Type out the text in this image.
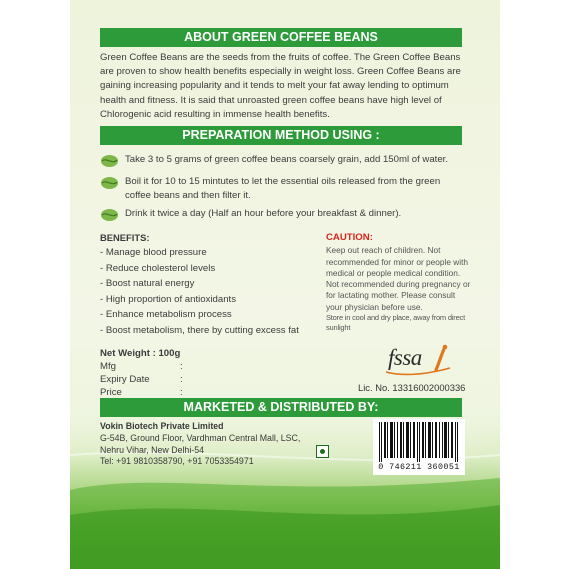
ABOUT GREEN COFFEE BEANS
Green Coffee Beans are the seeds from the fruits of coffee. The Green Coffee Beans are proven to show health benefits especially in weight loss. Green Coffee Beans are gaining increasing popularity and it tends to melt your fat away lending to optimum health and fitness. It is said that unroasted green coffee beans have high level of Chlorogenic acid resulting in immense health benefits.
PREPARATION METHOD USING :
Take 3 to 5 grams of green coffee beans coarsely grain, add 150ml of water.
Boil it for 10 to 15 mintutes to let the essential oils released from the green coffee beans and then filter it.
Drink it twice a day (Half an hour before your breakfast & dinner).
BENEFITS:
- Manage blood pressure
- Reduce cholesterol levels
- Boost natural energy
- High proportion of antioxidants
- Enhance metabolism process
- Boost metabolism, there by cutting excess fat
CAUTION:
Keep out reach of children. Not recommended for minor or people with medical or people medical condition. Not recommended during pregnancy or for lactating mother. Please consult your physician before use.
Store in cool and dry place, away from direct sunlight
Net Weight : 100g
Mfg	:
Expiry Date	:
Price	:
fssa
Lic. No. 13316002000336
MARKETED & DISTRIBUTED BY:
Vokin Biotech Private Limited
G-54B, Ground Floor, Vardhman Central Mall, LSC,
Nehru Vihar, New Delhi-54
Tel: +91 9810358790, +91 7053354971
0 746211 360051
